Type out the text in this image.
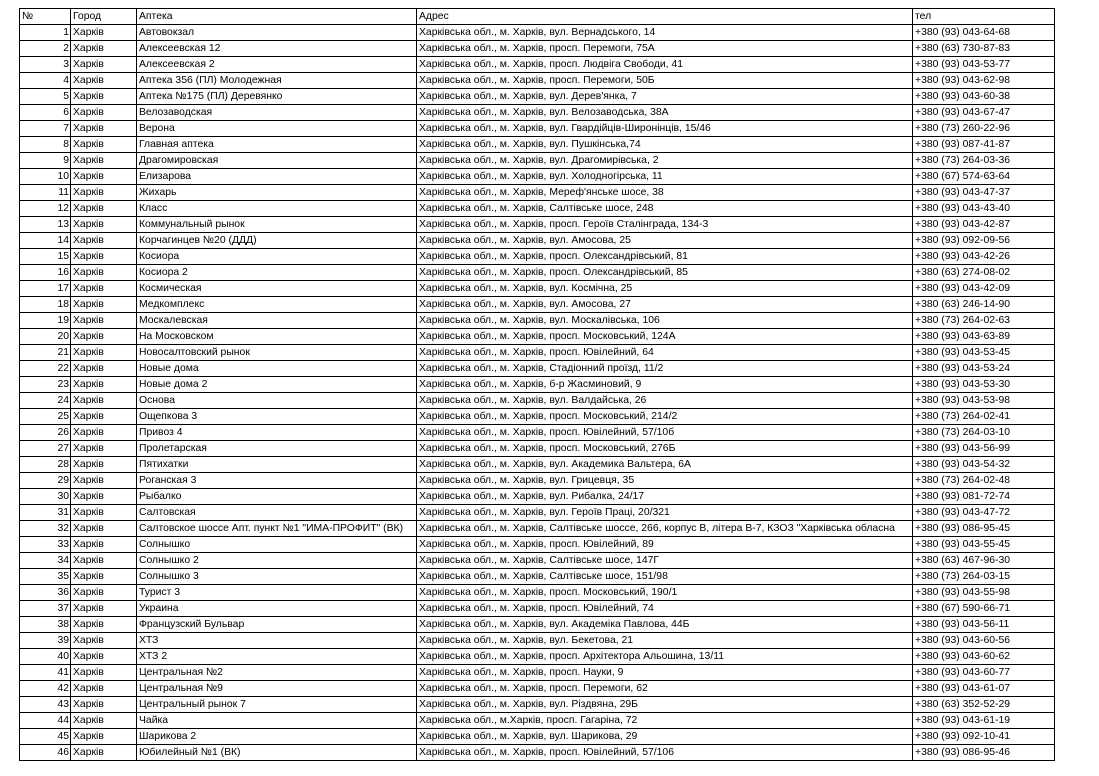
№	Город	Аптека	Адрес	тел
1	Харків	Автовокзал	Харківська обл., м. Харків, вул. Вернадського, 14	+380 (93) 043-64-68
2	Харків	Алексеевская 12	Харківська обл., м. Харків, просп. Перемоги, 75А	+380 (63) 730-87-83
3	Харків	Алексеевская 2	Харківська обл., м. Харків, просп. Людвіга Свободи, 41	+380 (93) 043-53-77
4	Харків	Аптека 356 (ПЛ) Молодежная	Харківська обл., м. Харків, просп. Перемоги, 50Б	+380 (93) 043-62-98
5	Харків	Аптека №175 (ПЛ) Деревянко	Харківська обл., м. Харків, вул. Дерев'янка, 7	+380 (93) 043-60-38
6	Харків	Велозаводская	Харківська обл., м. Харків, вул. Велозаводська, 38А	+380 (93) 043-67-47
7	Харків	Верона	Харківська обл., м. Харків, вул. Гвардійців-Широнінців, 15/46	+380 (73) 260-22-96
8	Харків	Главная аптека	Харківська обл., м. Харків, вул. Пушкінська,74	+380 (93) 087-41-87
9	Харків	Драгомировская	Харківська обл., м. Харків, вул. Драгомирівська, 2	+380 (73) 264-03-36
10	Харків	Елизарова	Харківська обл., м. Харків, вул. Холодногірська, 11	+380 (67) 574-63-64
11	Харків	Жихарь	Харківська обл., м. Харків, Мереф'янське шосе, 38	+380 (93) 043-47-37
12	Харків	Класс	Харківська обл., м. Харків, Салтівське шосе, 248	+380 (93) 043-43-40
13	Харків	Коммунальный рынок	Харківська обл., м. Харків, просп. Героїв Сталінграда, 134-3	+380 (93) 043-42-87
14	Харків	Корчагинцев №20 (ДДД)	Харківська обл., м. Харків, вул. Амосова, 25	+380 (93) 092-09-56
15	Харків	Косиора	Харківська обл., м. Харків, просп. Олександрівський, 81	+380 (93) 043-42-26
16	Харків	Косиора 2	Харківська обл., м. Харків, просп. Олександрівський, 85	+380 (63) 274-08-02
17	Харків	Космическая	Харківська обл., м. Харків, вул. Космічна, 25	+380 (93) 043-42-09
18	Харків	Медкомплекс	Харківська обл., м. Харків, вул. Амосова, 27	+380 (63) 246-14-90
19	Харків	Москалевская	Харківська обл., м. Харків, вул. Москалівська, 106	+380 (73) 264-02-63
20	Харків	На Московском	Харківська обл., м. Харків, просп. Московський, 124А	+380 (93) 043-63-89
21	Харків	Новосалтовский рынок	Харківська обл., м. Харків, просп. Ювілейний, 64	+380 (93) 043-53-45
22	Харків	Новые дома	Харківська обл., м. Харків, Стадіонний проїзд, 11/2	+380 (93) 043-53-24
23	Харків	Новые дома 2	Харківська обл., м. Харків, б-р Жасминовий, 9	+380 (93) 043-53-30
24	Харків	Основа	Харківська обл., м. Харків, вул. Валдайська, 26	+380 (93) 043-53-98
25	Харків	Ощепкова 3	Харківська обл., м. Харків, просп. Московський, 214/2	+380 (73) 264-02-41
26	Харків	Привоз 4	Харківська обл., м. Харків, просп. Ювілейний, 57/10б	+380 (73) 264-03-10
27	Харків	Пролетарская	Харківська обл., м. Харків, просп. Московський, 276Б	+380 (93) 043-56-99
28	Харків	Пятихатки	Харківська обл., м. Харків, вул. Академика Вальтера, 6А	+380 (93) 043-54-32
29	Харків	Роганская 3	Харківська обл., м. Харків, вул. Грицевця, 35	+380 (73) 264-02-48
30	Харків	Рыбалко	Харківська обл., м. Харків, вул. Рибалка, 24/17	+380 (93) 081-72-74
31	Харків	Салтовская	Харківська обл., м. Харків, вул. Героїв Праці, 20/321	+380 (93) 043-47-72
32	Харків	Салтовское шоссе Апт. пункт №1 "ИМА-ПРОФИТ" (ВК)	Харківська обл., м. Харків, Салтівське шоссе, 266, корпус В, літера В-7, КЗОЗ "Харківська обласна	+380 (93) 086-95-45
33	Харків	Солнышко	Харківська обл., м. Харків, просп. Ювілейний, 89	+380 (93) 043-55-45
34	Харків	Солнышко 2	Харківська обл., м. Харків, Салтівське шосе, 147Г	+380 (63) 467-96-30
35	Харків	Солнышко 3	Харківська обл., м. Харків, Салтівське шосе, 151/98	+380 (73) 264-03-15
36	Харків	Турист 3	Харківська обл., м. Харків, просп. Московський, 190/1	+380 (93) 043-55-98
37	Харків	Украина	Харківська обл., м. Харків, просп. Ювілейний, 74	+380 (67) 590-66-71
38	Харків	Французский Бульвар	Харківська обл., м. Харків, вул. Академіка Павлова, 44Б	+380 (93) 043-56-11
39	Харків	ХТЗ	Харківська обл., м. Харків, вул. Бекетова, 21	+380 (93) 043-60-56
40	Харків	ХТЗ 2	Харківська обл., м. Харків, просп. Архітектора Альошина, 13/11	+380 (93) 043-60-62
41	Харків	Центральная №2	Харківська обл., м. Харків, просп. Науки, 9	+380 (93) 043-60-77
42	Харків	Центральная №9	Харківська обл., м. Харків, просп. Перемоги, 62	+380 (93) 043-61-07
43	Харків	Центральный рынок 7	Харківська обл., м. Харків, вул. Різдвяна, 29Б	+380 (63) 352-52-29
44	Харків	Чайка	Харківська обл., м.Харків, просп. Гагаріна, 72	+380 (93) 043-61-19
45	Харків	Шарикова 2	Харківська обл., м. Харків, вул. Шарикова, 29	+380 (93) 092-10-41
46	Харків	Юбилейный №1 (ВК)	Харківська обл., м. Харків, просп. Ювілейний, 57/106	+380 (93) 086-95-46
